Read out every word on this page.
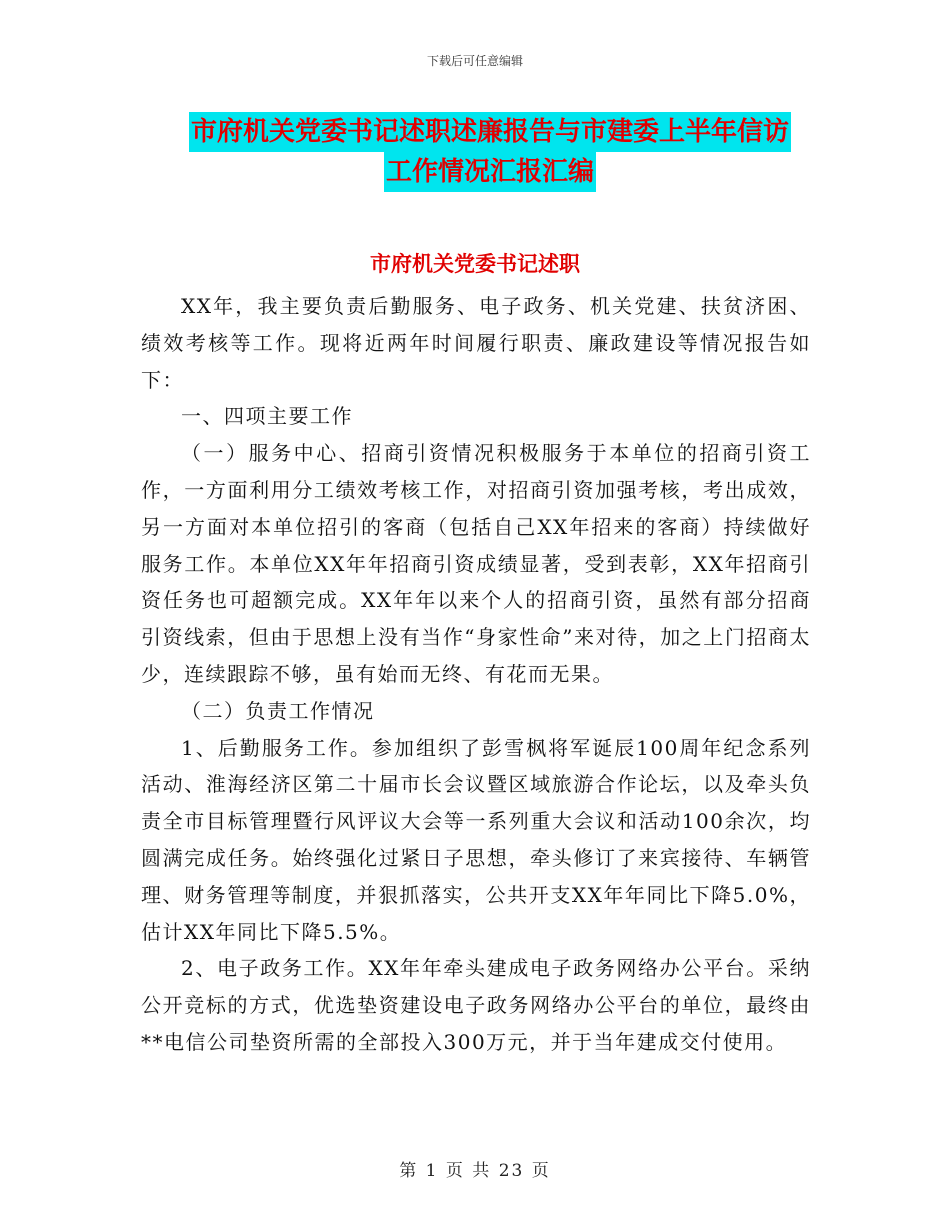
下载后可任意编辑
市府机关党委书记述职述廉报告与市建委上半年信访
工作情况汇报汇编
市府机关党委书记述职

XX年，我主要负责后勤服务、电子政务、机关党建、扶贫济困、绩效考核等工作。现将近两年时间履行职责、廉政建设等情况报告如下：

一、四项主要工作

（一）服务中心、招商引资情况积极服务于本单位的招商引资工作，一方面利用分工绩效考核工作，对招商引资加强考核，考出成效，另一方面对本单位招引的客商（包括自己XX年招来的客商）持续做好服务工作。本单位XX年年招商引资成绩显著，受到表彰，XX年招商引资任务也可超额完成。XX年年以来个人的招商引资，虽然有部分招商引资线索，但由于思想上没有当作“身家性命”来对待，加之上门招商太少，连续跟踪不够，虽有始而无终、有花而无果。

（二）负责工作情况

1、后勤服务工作。参加组织了彭雪枫将军诞辰100周年纪念系列活动、淮海经济区第二十届市长会议暨区域旅游合作论坛，以及牵头负责全市目标管理暨行风评议大会等一系列重大会议和活动100余次，均圆满完成任务。始终强化过紧日子思想，牵头修订了来宾接待、车辆管理、财务管理等制度，并狠抓落实，公共开支XX年年同比下降5.0%，估计XX年同比下降5.5%。

2、电子政务工作。XX年年牵头建成电子政务网络办公平台。采纳公开竞标的方式，优选垫资建设电子政务网络办公平台的单位，最终由**电信公司垫资所需的全部投入300万元，并于当年建成交付使用。

第 1 页 共 23 页
